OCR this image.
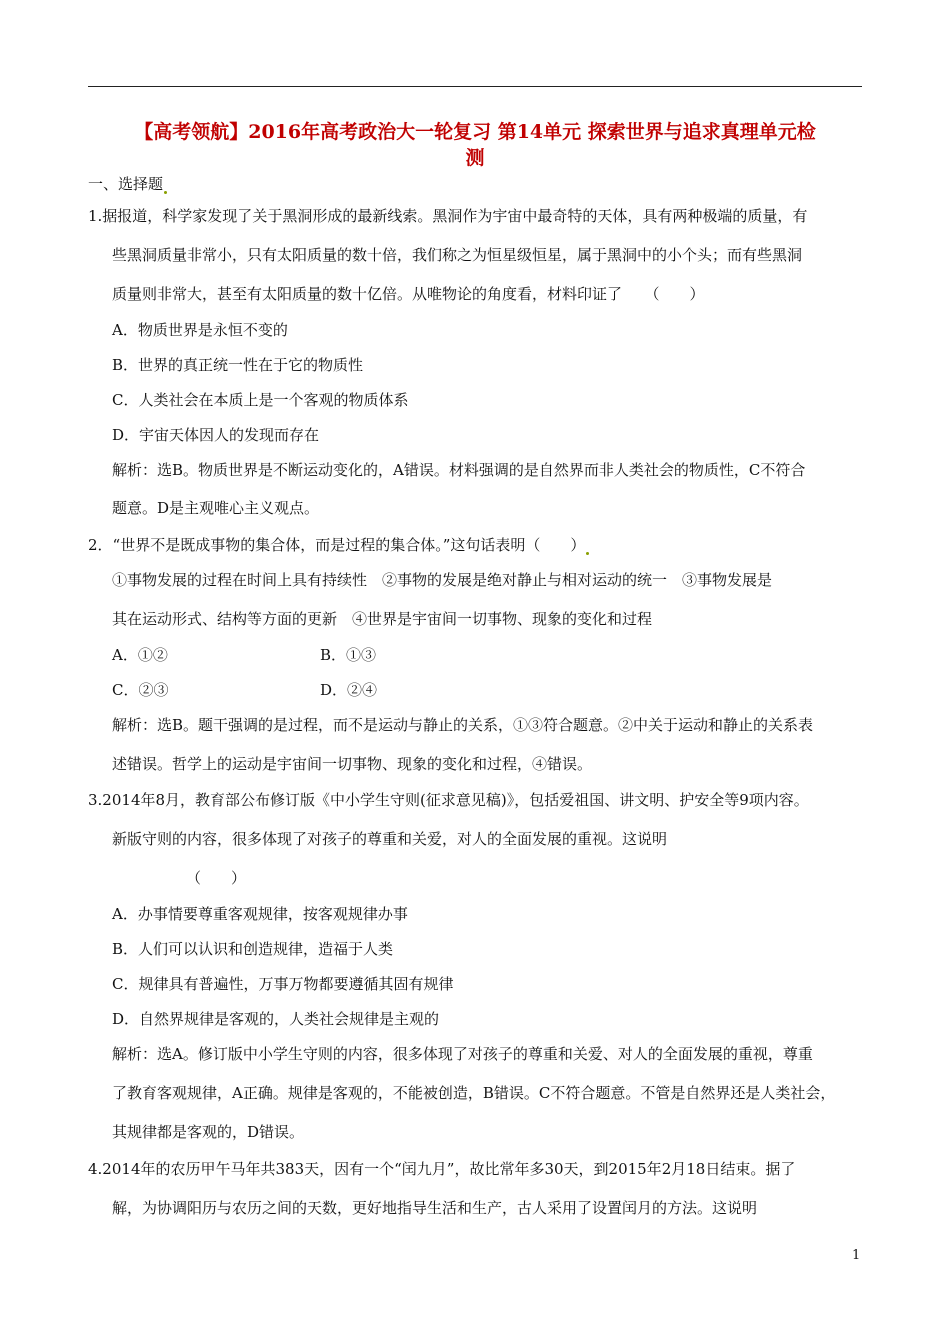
【高考领航】2016年高考政治大一轮复习 第14单元 探索世界与追求真理单元检
测
一、选择题
1.据报道，科学家发现了关于黑洞形成的最新线索。黑洞作为宇宙中最奇特的天体，具有两种极端的质量，有
些黑洞质量非常小，只有太阳质量的数十倍，我们称之为恒星级恒星，属于黑洞中的小个头；而有些黑洞
质量则非常大，甚至有太阳质量的数十亿倍。从唯物论的角度看，材料印证了　　（　　）
A．物质世界是永恒不变的
B．世界的真正统一性在于它的物质性
C．人类社会在本质上是一个客观的物质体系
D．宇宙天体因人的发现而存在
解析：选B。物质世界是不断运动变化的，A错误。材料强调的是自然界而非人类社会的物质性，C不符合
题意。D是主观唯心主义观点。
2．“世界不是既成事物的集合体，而是过程的集合体。”这句话表明（　　）
①事物发展的过程在时间上具有持续性　②事物的发展是绝对静止与相对运动的统一　③事物发展是
其在运动形式、结构等方面的更新　④世界是宇宙间一切事物、现象的变化和过程
A．①②	B．①③
C．②③	D．②④
解析：选B。题干强调的是过程，而不是运动与静止的关系，①③符合题意。②中关于运动和静止的关系表
述错误。哲学上的运动是宇宙间一切事物、现象的变化和过程，④错误。
3.2014年8月，教育部公布修订版《中小学生守则(征求意见稿)》，包括爱祖国、讲文明、护安全等9项内容。
新版守则的内容，很多体现了对孩子的尊重和关爱，对人的全面发展的重视。这说明
（　　）
A．办事情要尊重客观规律，按客观规律办事
B．人们可以认识和创造规律，造福于人类
C．规律具有普遍性，万事万物都要遵循其固有规律
D．自然界规律是客观的，人类社会规律是主观的
解析：选A。修订版中小学生守则的内容，很多体现了对孩子的尊重和关爱、对人的全面发展的重视，尊重
了教育客观规律，A正确。规律是客观的，不能被创造，B错误。C不符合题意。不管是自然界还是人类社会，
其规律都是客观的，D错误。
4.2014年的农历甲午马年共383天，因有一个“闰九月”，故比常年多30天，到2015年2月18日结束。据了
解，为协调阳历与农历之间的天数，更好地指导生活和生产，古人采用了设置闰月的方法。这说明
1
